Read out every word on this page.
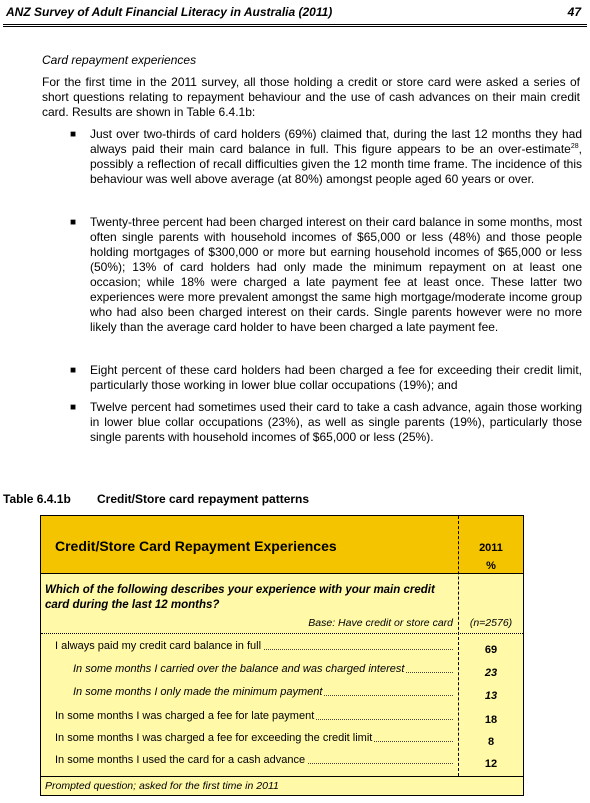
ANZ Survey of Adult Financial Literacy in Australia (2011)	47
Card repayment experiences
For the first time in the 2011 survey, all those holding a credit or store card were asked a series of short questions relating to repayment behaviour and the use of cash advances on their main credit card. Results are shown in Table 6.4.1b:
■ Just over two-thirds of card holders (69%) claimed that, during the last 12 months they had always paid their main card balance in full. This figure appears to be an over-estimate$^{28}$, possibly a reflection of recall difficulties given the 12 month time frame. The incidence of this behaviour was well above average (at 80%) amongst people aged 60 years or over.
■ Twenty-three percent had been charged interest on their card balance in some months, most often single parents with household incomes of $65,000 or less (48%) and those people holding mortgages of $300,000 or more but earning household incomes of $65,000 or less (50%); 13% of card holders had only made the minimum repayment on at least one occasion; while 18% were charged a late payment fee at least once. These latter two experiences were more prevalent amongst the same high mortgage/moderate income group who had also been charged interest on their cards. Single parents however were no more likely than the average card holder to have been charged a late payment fee.
■ Eight percent of these card holders had been charged a fee for exceeding their credit limit, particularly those working in lower blue collar occupations (19%); and
■ Twelve percent had sometimes used their card to take a cash advance, again those working in lower blue collar occupations (23%), as well as single parents (19%), particularly those single parents with household incomes of $65,000 or less (25%).
Table 6.4.1b Credit/Store card repayment patterns
Credit/Store Card Repayment Experiences	2011
%
Which of the following describes your experience with your main credit card during the last 12 months?
Base: Have credit or store card	(n=2576)
I always paid my credit card balance in full	69
In some months I carried over the balance and was charged interest	23
In some months I only made the minimum payment	13
In some months I was charged a fee for late payment	18
In some months I was charged a fee for exceeding the credit limit	8
In some months I used the card for a cash advance	12
Prompted question; asked for the first time in 2011
